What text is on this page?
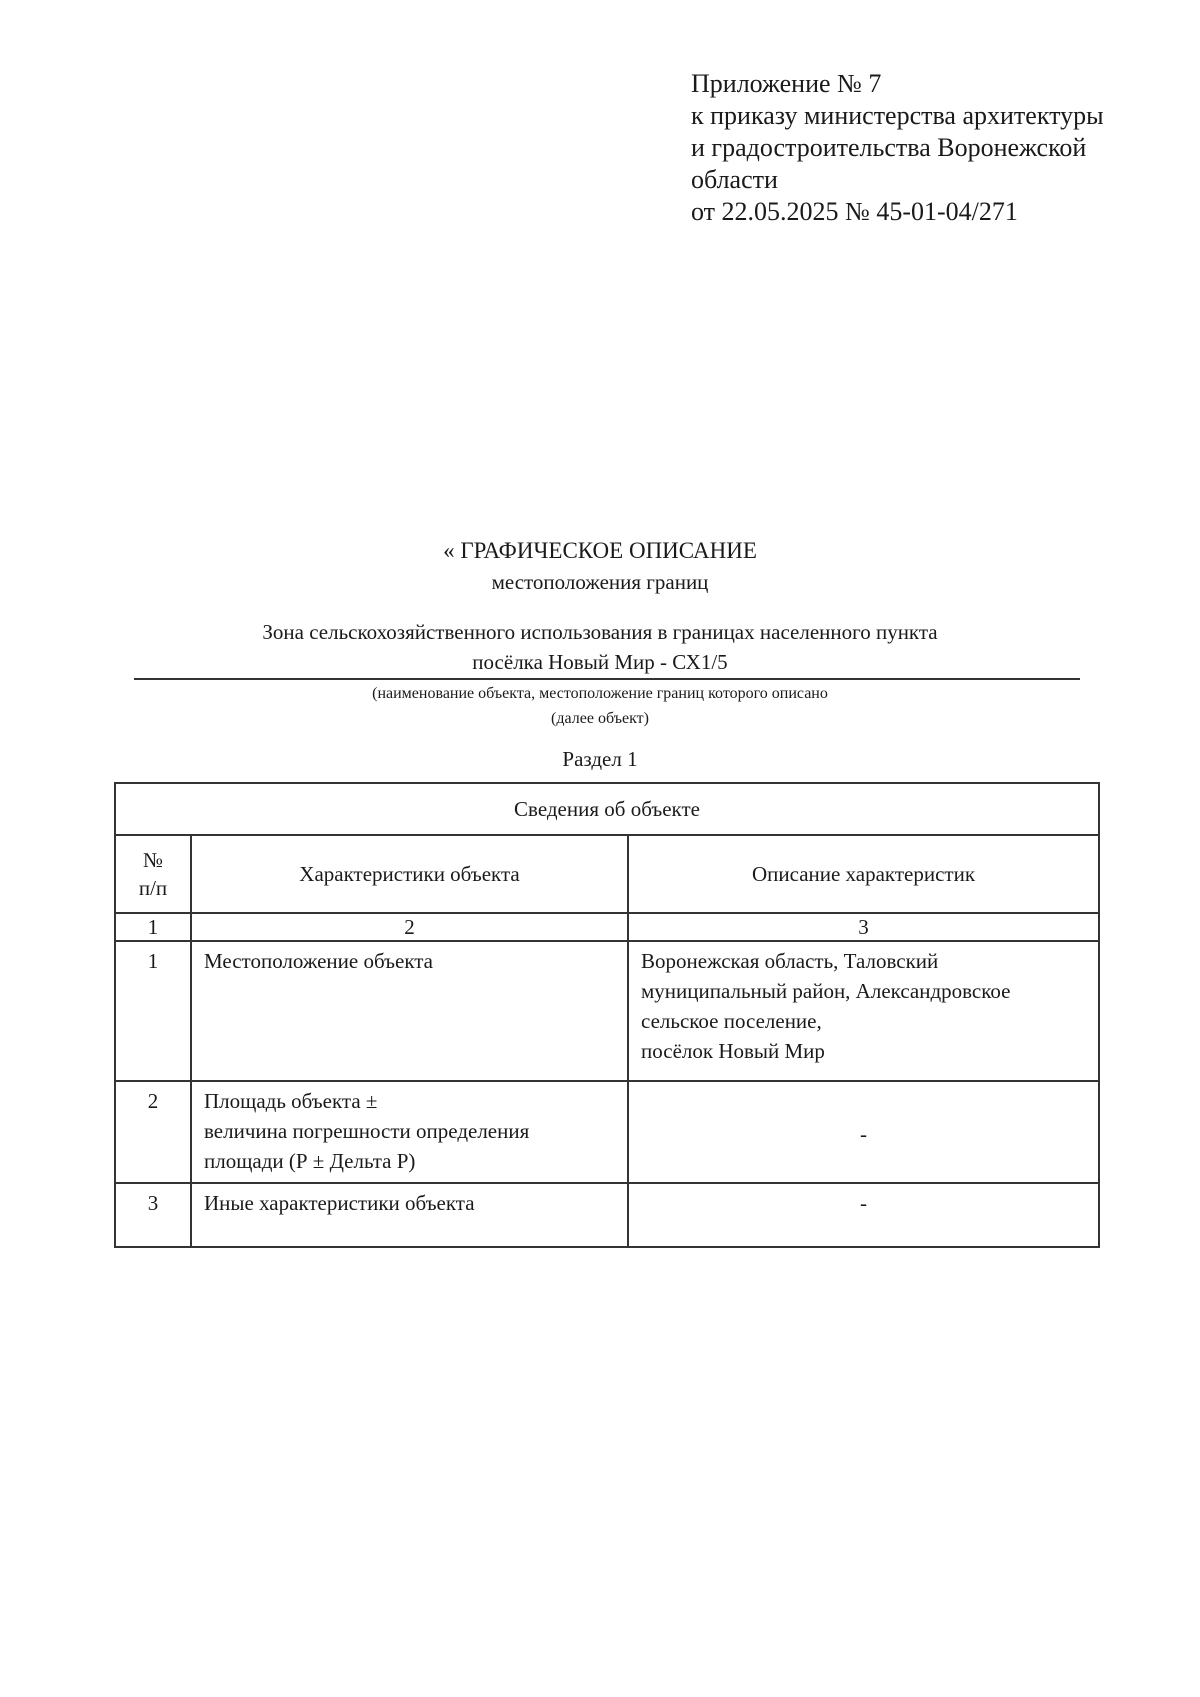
Приложение № 7
к приказу министерства архитектуры
и градостроительства Воронежской
области
от 22.05.2025 № 45-01-04/271
« ГРАФИЧЕСКОЕ ОПИСАНИЕ
местоположения границ
Зона сельскохозяйственного использования в границах населенного пункта
посёлка Новый Мир - СХ1/5
(наименование объекта, местоположение границ которого описано
(далее объект)
Раздел 1
Сведения об объекте		

№
п/п	Характеристики объекта	Описание характеристик
1	2	3
1	Местоположение объекта	Воронежская область, Таловский
муниципальный район, Александровское
сельское поселение,
посёлок Новый Мир

2	Площадь объекта ±
величина погрешности определения
площади (Р ± Дельта Р)	-

3	Иные характеристики объекта	-
